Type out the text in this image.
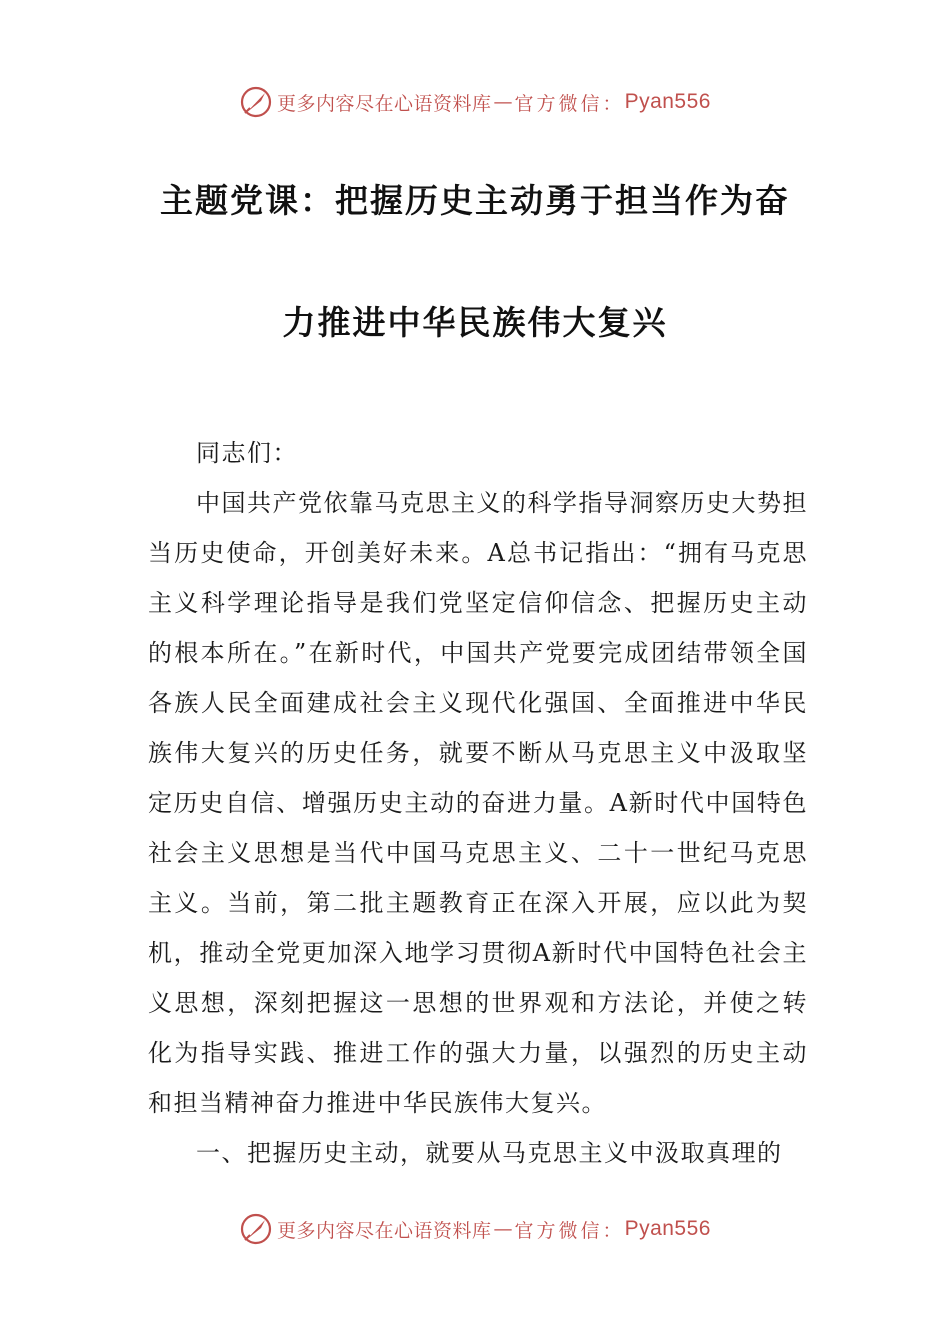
更多内容尽在心语资料库 — 官方微信： Pyan556
主题党课：把握历史主动勇于担当作为奋
力推进中华民族伟大复兴

同志们：

中国共产党依靠马克思主义的科学指导洞察历史大势担当历史使命，开创美好未来。A总书记指出：“拥有马克思主义科学理论指导是我们党坚定信仰信念、把握历史主动的根本所在。”在新时代，中国共产党要完成团结带领全国各族人民全面建成社会主义现代化强国、全面推进中华民族伟大复兴的历史任务，就要不断从马克思主义中汲取坚定历史自信、增强历史主动的奋进力量。A新时代中国特色社会主义思想是当代中国马克思主义、二十一世纪马克思主义。当前，第二批主题教育正在深入开展，应以此为契机，推动全党更加深入地学习贯彻A新时代中国特色社会主义思想，深刻把握这一思想的世界观和方法论，并使之转化为指导实践、推进工作的强大力量，以强烈的历史主动和担当精神奋力推进中华民族伟大复兴。

一、把握历史主动，就要从马克思主义中汲取真理的

更多内容尽在心语资料库 — 官方微信： Pyan556
